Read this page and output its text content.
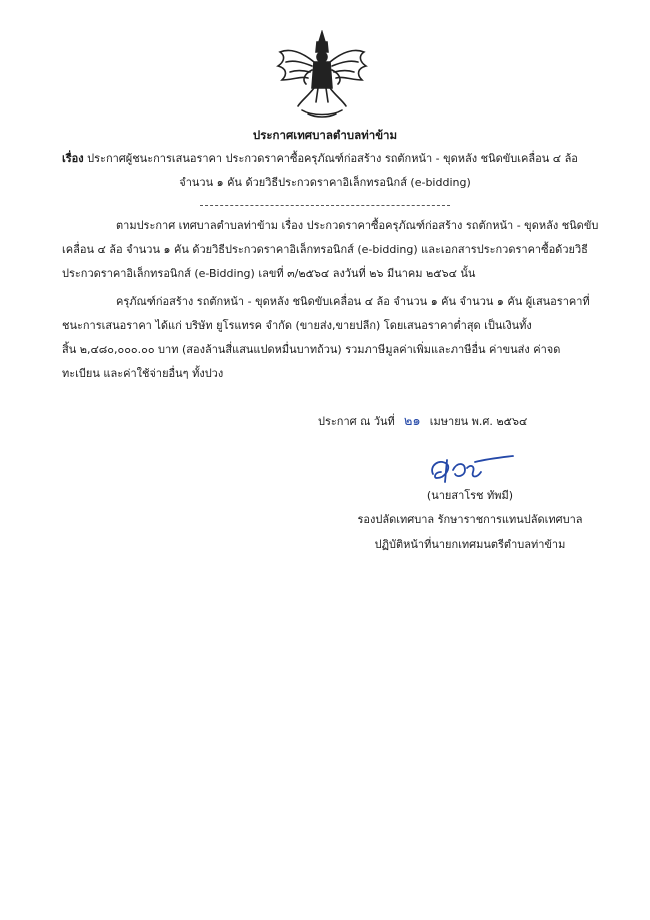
ประกาศเทศบาลตำบลท่าข้าม
เรื่อง ประกาศผู้ชนะการเสนอราคา ประกวดราคาซื้อครุภัณฑ์ก่อสร้าง รถตักหน้า - ขุดหลัง ชนิดขับเคลื่อน ๔ ล้อ
จำนวน ๑ คัน ด้วยวิธีประกวดราคาอิเล็กทรอนิกส์ (e-bidding)
ตามประกาศ เทศบาลตำบลท่าข้าม เรื่อง ประกวดราคาซื้อครุภัณฑ์ก่อสร้าง รถตักหน้า - ขุดหลัง ชนิดขับ
เคลื่อน ๔ ล้อ จำนวน ๑ คัน ด้วยวิธีประกวดราคาอิเล็กทรอนิกส์ (e-bidding) และเอกสารประกวดราคาซื้อด้วยวิธี
ประกวดราคาอิเล็กทรอนิกส์ (e-Bidding) เลขที่ ๓/๒๕๖๔ ลงวันที่ ๒๖ มีนาคม ๒๕๖๔ นั้น
ครุภัณฑ์ก่อสร้าง รถตักหน้า - ขุดหลัง ชนิดขับเคลื่อน ๔ ล้อ จำนวน ๑ คัน จำนวน ๑ คัน ผู้เสนอราคาที่
ชนะการเสนอราคา ได้แก่ บริษัท ยูโรแทรค จำกัด (ขายส่ง,ขายปลีก) โดยเสนอราคาต่ำสุด เป็นเงินทั้ง
สิ้น ๒,๔๘๐,๐๐๐.๐๐ บาท (สองล้านสี่แสนแปดหมื่นบาทถ้วน) รวมภาษีมูลค่าเพิ่มและภาษีอื่น ค่าขนส่ง ค่าจด
ทะเบียน และค่าใช้จ่ายอื่นๆ ทั้งปวง
ประกาศ ณ วันที่ ๒๑ เมษายน พ.ศ. ๒๕๖๔
(นายสาโรช ทัพมี)
รองปลัดเทศบาล รักษาราชการแทนปลัดเทศบาล
ปฏิบัติหน้าที่นายกเทศมนตรีตำบลท่าข้าม
